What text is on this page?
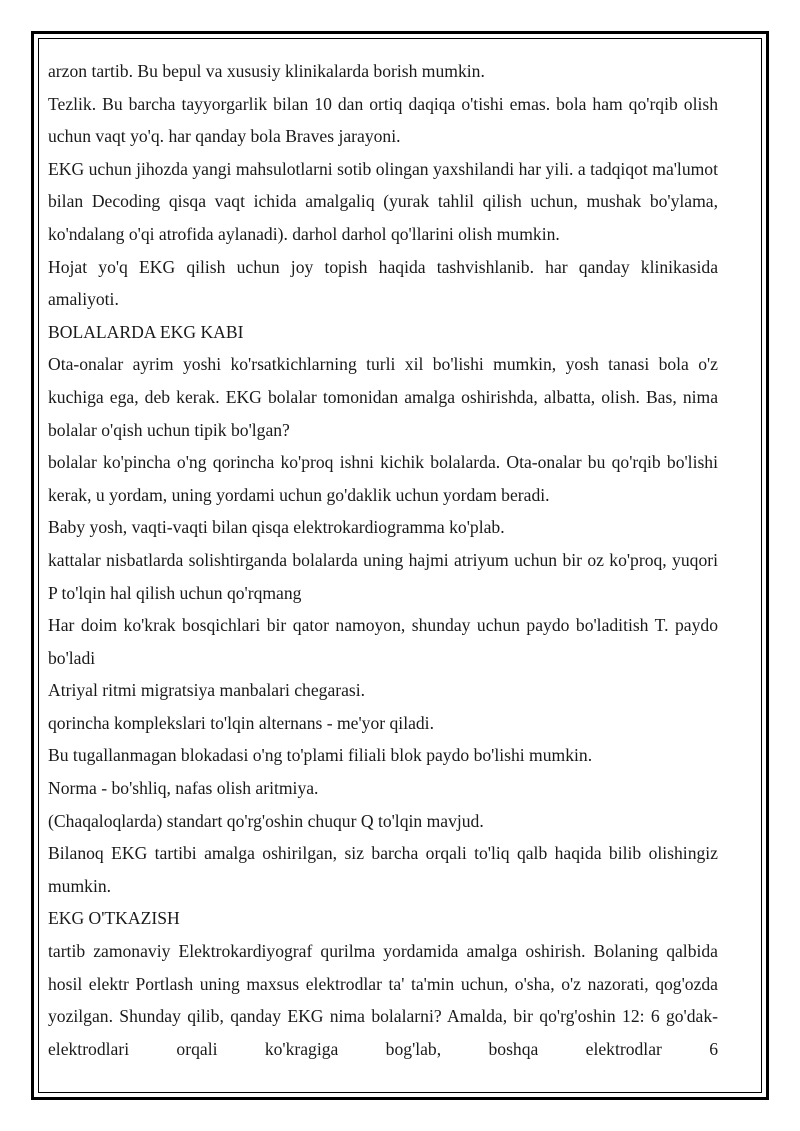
arzon tartib. Bu bepul va xususiy klinikalarda borish mumkin.

Tezlik. Bu barcha tayyorgarlik bilan 10 dan ortiq daqiqa o'tishi emas. bola ham qo'rqib olish uchun vaqt yo'q. har qanday bola Braves jarayoni.

EKG uchun jihozda yangi mahsulotlarni sotib olingan yaxshilandi har yili. a tadqiqot ma'lumot bilan Decoding qisqa vaqt ichida amalgaliq (yurak tahlil qilish uchun, mushak bo'ylama, ko'ndalang o'qi atrofida aylanadi). darhol darhol qo'llarini olish mumkin.

Hojat yo'q EKG qilish uchun joy topish haqida tashvishlanib. har qanday klinikasida amaliyoti.

BOLALARDA EKG KABI

Ota-onalar ayrim yoshi ko'rsatkichlarning turli xil bo'lishi mumkin, yosh tanasi bola o'z kuchiga ega, deb kerak. EKG bolalar tomonidan amalga oshirishda, albatta, olish. Bas, nima bolalar o'qish uchun tipik bo'lgan?

bolalar ko'pincha o'ng qorincha ko'proq ishni kichik bolalarda. Ota-onalar bu qo'rqib bo'lishi kerak, u yordam, uning yordami uchun go'daklik uchun yordam beradi.

Baby yosh, vaqti-vaqti bilan qisqa elektrokardiogramma ko'plab.

kattalar nisbatlarda solishtirganda bolalarda uning hajmi atriyum uchun bir oz ko'proq, yuqori P to'lqin hal qilish uchun qo'rqmang

Har doim ko'krak bosqichlari bir qator namoyon, shunday uchun paydo bo'laditish T. paydo bo'ladi

Atriyal ritmi migratsiya manbalari chegarasi.

qorincha komplekslari to'lqin alternans - me'yor qiladi.

Bu tugallanmagan blokadasi o'ng to'plami filiali blok paydo bo'lishi mumkin.

Norma - bo'shliq, nafas olish aritmiya.

(Chaqaloqlarda) standart qo'rg'oshin chuqur Q to'lqin mavjud.

Bilanoq EKG tartibi amalga oshirilgan, siz barcha orqali to'liq qalb haqida bilib olishingiz mumkin.

EKG O'TKAZISH

tartib zamonaviy Elektrokardiyograf qurilma yordamida amalga oshirish. Bolaning qalbida hosil elektr Portlash uning maxsus elektrodlar ta' ta'min uchun, o'sha, o'z nazorati, qog'ozda yozilgan. Shunday qilib, qanday EKG nima bolalarni? Amalda, bir qo'rg'oshin 12: 6 go'dak-elektrodlari orqali ko'kragiga bog'lab, boshqa elektrodlar 6
